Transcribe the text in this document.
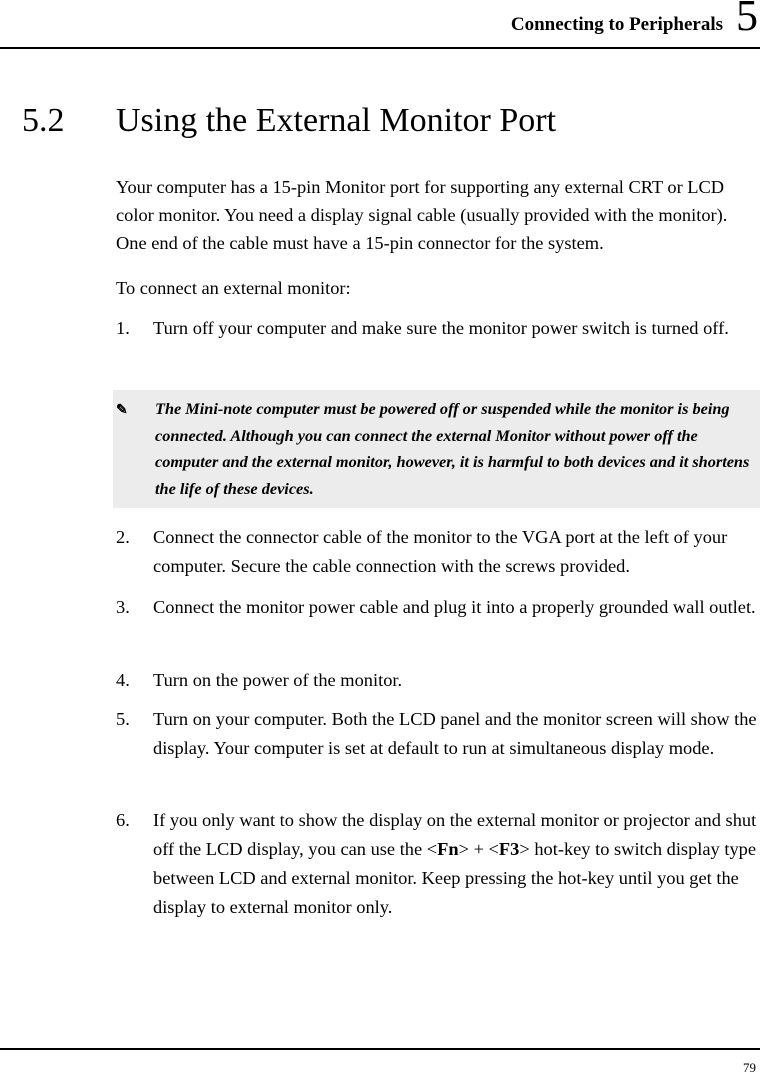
Connecting to Peripherals 5
5.2 Using the External Monitor Port
Your computer has a 15-pin Monitor port for supporting any external CRT or LCD color monitor. You need a display signal cable (usually provided with the monitor). One end of the cable must have a 15-pin connector for the system.
To connect an external monitor:
1. Turn off your computer and make sure the monitor power switch is turned off.
✎ The Mini-note computer must be powered off or suspended while the monitor is being connected. Although you can connect the external Monitor without power off the computer and the external monitor, however, it is harmful to both devices and it shortens the life of these devices.
2. Connect the connector cable of the monitor to the VGA port at the left of your computer. Secure the cable connection with the screws provided.
3. Connect the monitor power cable and plug it into a properly grounded wall outlet.
4. Turn on the power of the monitor.
5. Turn on your computer. Both the LCD panel and the monitor screen will show the display. Your computer is set at default to run at simultaneous display mode.
6. If you only want to show the display on the external monitor or projector and shut off the LCD display, you can use the <Fn> + <F3> hot-key to switch display type between LCD and external monitor. Keep pressing the hot-key until you get the display to external monitor only.
79
